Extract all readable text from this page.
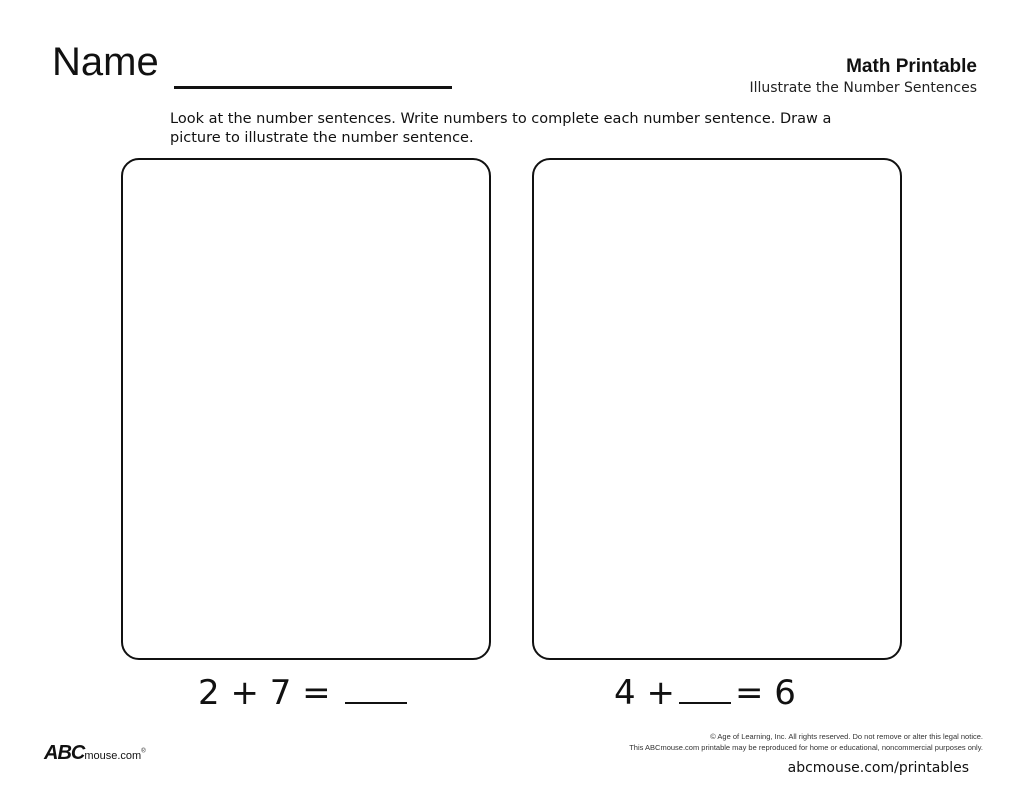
Name	Math Printable
Illustrate the Number Sentences
Look at the number sentences. Write numbers to complete each number sentence. Draw a picture to illustrate the number sentence.
2 + 7 =	4 + = 6
ABCmouse.com®
© Age of Learning, Inc. All rights reserved. Do not remove or alter this legal notice.
This ABCmouse.com printable may be reproduced for home or educational, noncommercial purposes only.
abcmouse.com/printables
